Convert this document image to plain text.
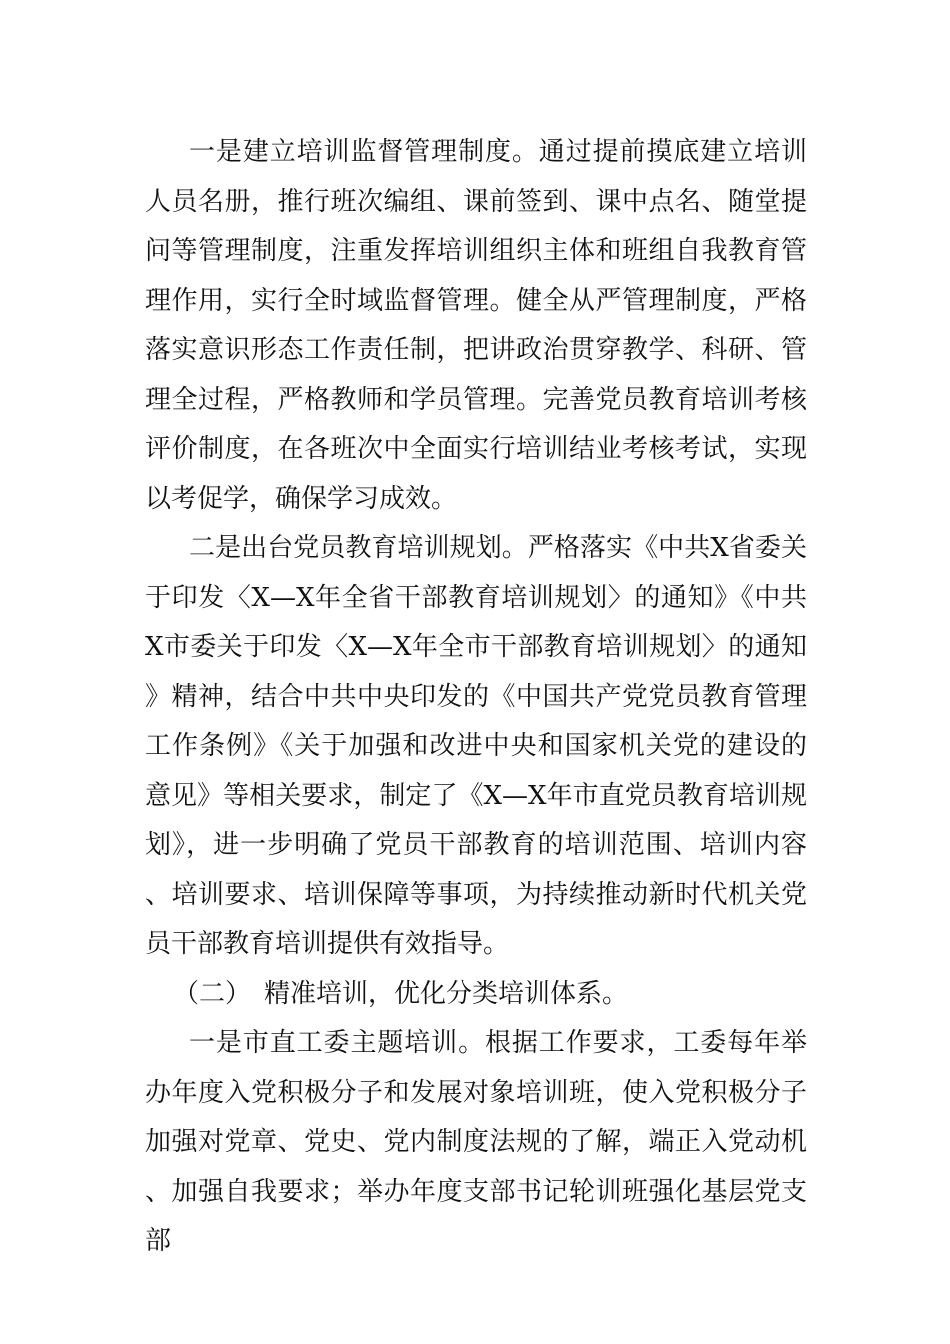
一是建立培训监督管理制度。通过提前摸底建立培训人员名册，推行班次编组、课前签到、课中点名、随堂提问等管理制度，注重发挥培训组织主体和班组自我教育管理作用，实行全时域监督管理。健全从严管理制度，严格落实意识形态工作责任制，把讲政治贯穿教学、科研、管理全过程，严格教师和学员管理。完善党员教育培训考核评价制度，在各班次中全面实行培训结业考核考试，实现以考促学，确保学习成效。

二是出台党员教育培训规划。严格落实《中共X省委关于印发〈X—X年全省干部教育培训规划〉的通知》《中共X市委关于印发〈X—X年全市干部教育培训规划〉的通知》精神，结合中共中央印发的《中国共产党党员教育管理工作条例》《关于加强和改进中央和国家机关党的建设的意见》等相关要求，制定了《X—X年市直党员教育培训规划》，进一步明确了党员干部教育的培训范围、培训内容、培训要求、培训保障等事项，为持续推动新时代机关党员干部教育培训提供有效指导。

（二）　精准培训，优化分类培训体系。

一是市直工委主题培训。根据工作要求，工委每年举办年度入党积极分子和发展对象培训班，使入党积极分子加强对党章、党史、党内制度法规的了解，端正入党动机、加强自我要求；举办年度支部书记轮训班强化基层党支部
